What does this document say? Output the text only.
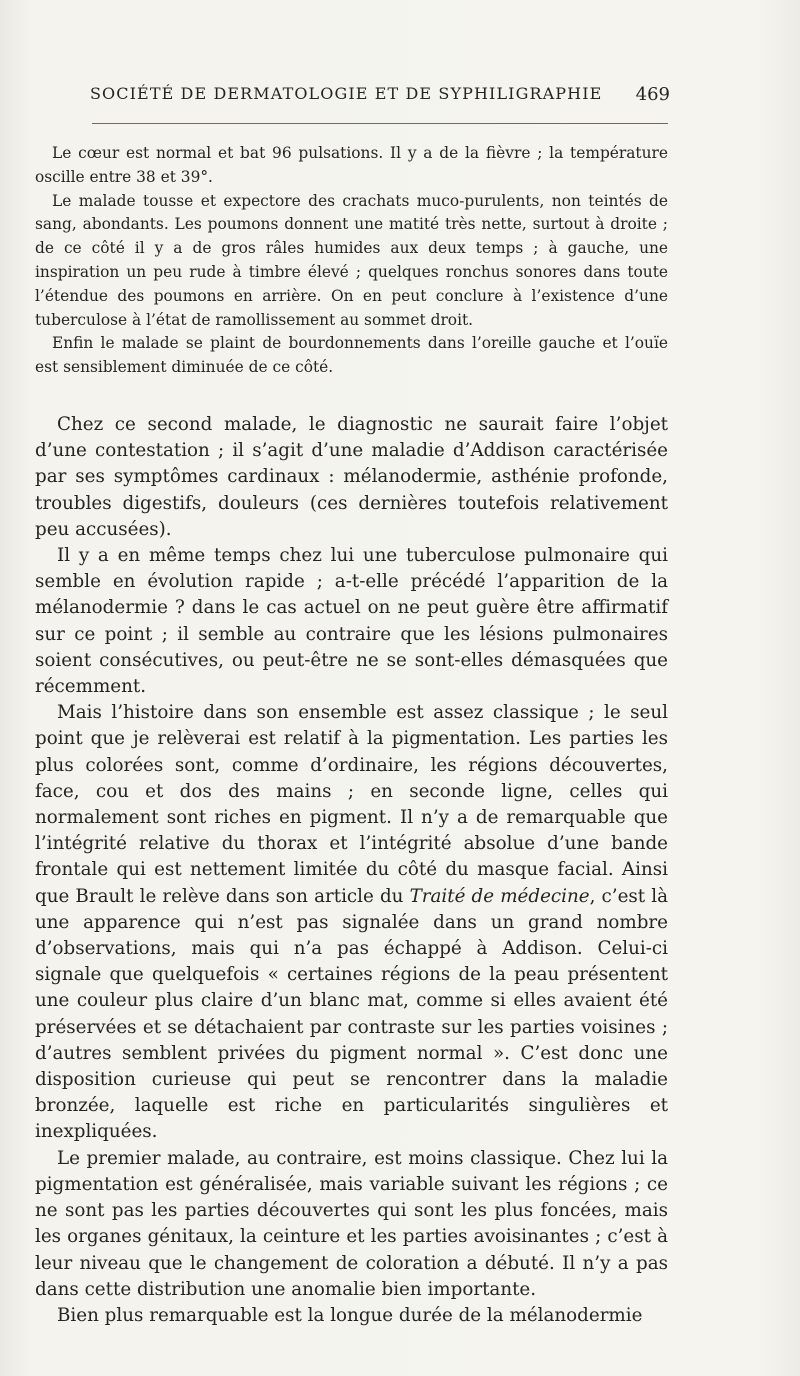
SOCIÉTÉ DE DERMATOLOGIE ET DE SYPHILIGRAPHIE 469

Le cœur est normal et bat 96 pulsations. Il y a de la fièvre ; la température oscille entre 38 et 39°.

Le malade tousse et expectore des crachats muco-purulents, non teintés de sang, abondants. Les poumons donnent une matité très nette, surtout à droite ; de ce côté il y a de gros râles humides aux deux temps ; à gauche, une inspiration un peu rude à timbre élevé ; quelques ronchus sonores dans toute l’étendue des poumons en arrière. On en peut conclure à l’existence d’une tuberculose à l’état de ramollissement au sommet droit.

Enfin le malade se plaint de bourdonnements dans l’oreille gauche et l’ouïe est sensiblement diminuée de ce côté.

Chez ce second malade, le diagnostic ne saurait faire l’objet d’une contestation ; il s’agit d’une maladie d’Addison caractérisée par ses symptômes cardinaux : mélanodermie, asthénie profonde, troubles digestifs, douleurs (ces dernières toutefois relativement peu accusées).

Il y a en même temps chez lui une tuberculose pulmonaire qui semble en évolution rapide ; a-t-elle précédé l’apparition de la mélanodermie ? dans le cas actuel on ne peut guère être affirmatif sur ce point ; il semble au contraire que les lésions pulmonaires soient consécutives, ou peut-être ne se sont-elles démasquées que récemment.

Mais l’histoire dans son ensemble est assez classique ; le seul point que je relèverai est relatif à la pigmentation. Les parties les plus colorées sont, comme d’ordinaire, les régions découvertes, face, cou et dos des mains ; en seconde ligne, celles qui normalement sont riches en pigment. Il n’y a de remarquable que l’intégrité relative du thorax et l’intégrité absolue d’une bande frontale qui est nettement limitée du côté du masque facial. Ainsi que Brault le relève dans son article du Traité de médecine, c’est là une apparence qui n’est pas signalée dans un grand nombre d’observations, mais qui n’a pas échappé à Addison. Celui-ci signale que quelquefois « certaines régions de la peau présentent une couleur plus claire d’un blanc mat, comme si elles avaient été préservées et se détachaient par contraste sur les parties voisines ; d’autres semblent privées du pigment normal ». C’est donc une disposition curieuse qui peut se rencontrer dans la maladie bronzée, laquelle est riche en particularités singulières et inexpliquées.

Le premier malade, au contraire, est moins classique. Chez lui la pigmentation est généralisée, mais variable suivant les régions ; ce ne sont pas les parties découvertes qui sont les plus foncées, mais les organes génitaux, la ceinture et les parties avoisinantes ; c’est à leur niveau que le changement de coloration a débuté. Il n’y a pas dans cette distribution une anomalie bien importante.

Bien plus remarquable est la longue durée de la mélanodermie
